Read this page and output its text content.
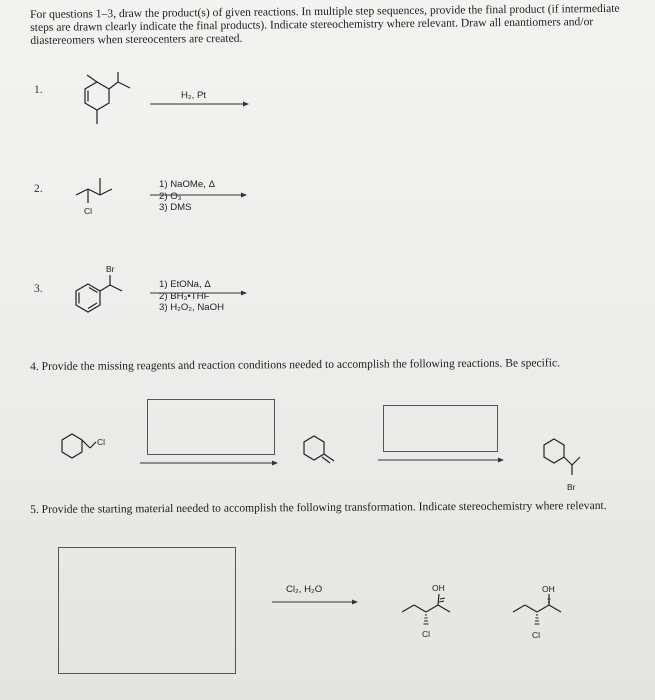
For questions 1–3, draw the product(s) of given reactions. In multiple step sequences, provide the final product (if intermediate steps are drawn clearly indicate the final products). Indicate stereochemistry where relevant. Draw all enantiomers and/or diastereomers when stereocenters are created.

1.	H₂, Pt
2.
Cl
1) NaOMe, Δ
2) O₃
3) DMS
3.
Br
1) EtONa, Δ
2) BH₃•THF
3) H₂O₂, NaOH

4. Provide the missing reagents and reaction conditions needed to accomplish the following reactions. Be specific.

Cl
Br

5. Provide the starting material needed to accomplish the following transformation. Indicate stereochemistry where relevant.

Cl₂, H₂O	OH
Cl
OH
Cl
